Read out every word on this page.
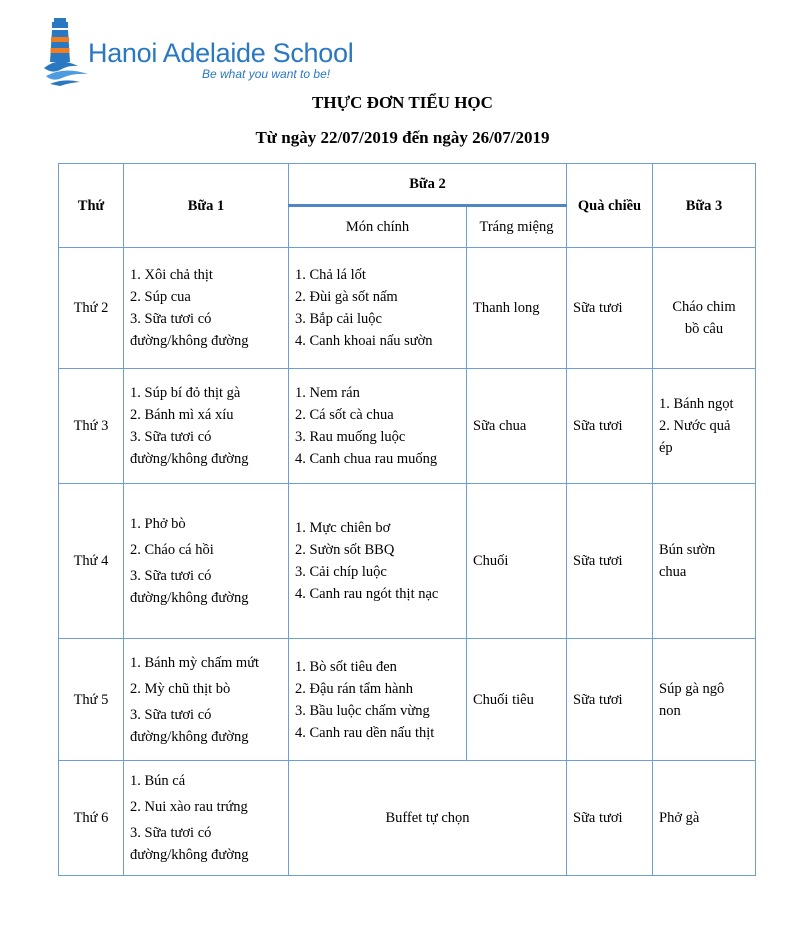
Hanoi Adelaide School
Be what you want to be!
THỰC ĐƠN TIỂU HỌC
Từ ngày 22/07/2019 đến ngày 26/07/2019
Thứ	Bữa 1	Bữa 2		Quà chiều	Bữa 3
		Món chính	Tráng miệng		
Thứ 2	1. Xôi chả thịt
2. Súp cua
3. Sữa tươi có
đường/không đường	1. Chả lá lốt
2. Đùi gà sốt nấm
3. Bắp cải luộc
4. Canh khoai nấu sườn	Thanh long	Sữa tươi	Cháo chim
bồ câu

Thứ 3	1. Súp bí đỏ thịt gà
2. Bánh mì xá xíu
3. Sữa tươi có
đường/không đường	1. Nem rán
2. Cá sốt cà chua
3. Rau muống luộc
4. Canh chua rau muống	Sữa chua	Sữa tươi	1. Bánh ngọt
2. Nước quả
ép

Thứ 4	1. Phở bò
2. Cháo cá hồi
3. Sữa tươi có
đường/không đường	1. Mực chiên bơ
2. Sườn sốt BBQ
3. Cải chíp luộc
4. Canh rau ngót thịt nạc	Chuối	Sữa tươi	Bún sườn
chua

Thứ 5	1. Bánh mỳ chấm mứt
2. Mỳ chũ thịt bò
3. Sữa tươi có
đường/không đường	1. Bò sốt tiêu đen
2. Đậu rán tẩm hành
3. Bầu luộc chấm vừng
4. Canh rau dền nấu thịt	Chuối tiêu	Sữa tươi	Súp gà ngô
non

Thứ 6	1. Bún cá
2. Nui xào rau trứng
3. Sữa tươi có
đường/không đường	Buffet tự chọn		Sữa tươi	Phở gà
